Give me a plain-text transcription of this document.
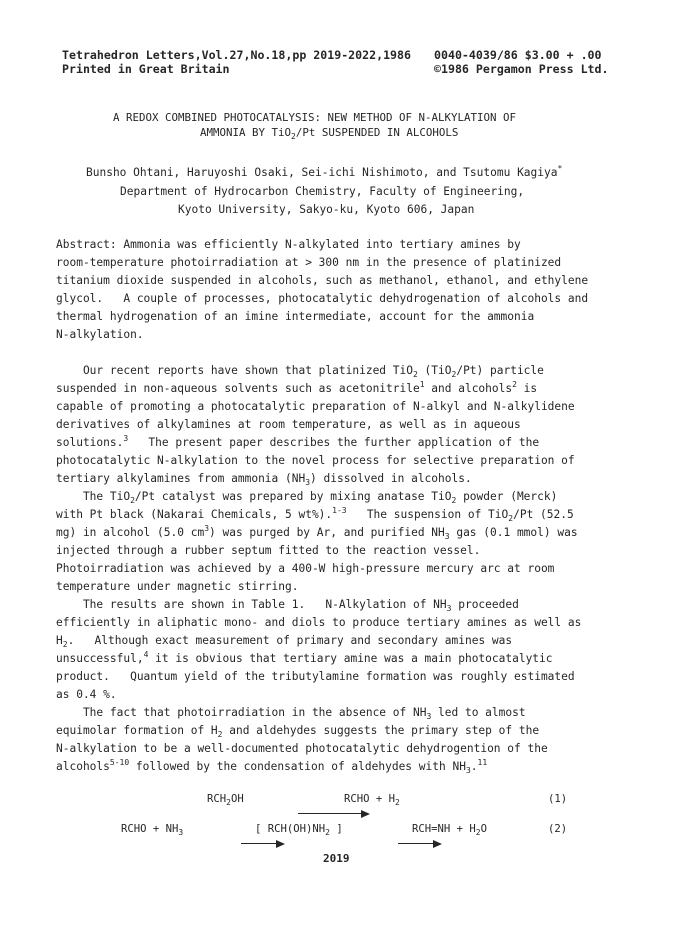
Tetrahedron Letters,Vol.27,No.18,pp 2019-2022,1986
Printed in Great Britain
0040-4039/86 $3.00 + .00
©1986 Pergamon Press Ltd.
A REDOX COMBINED PHOTOCATALYSIS: NEW METHOD OF N-ALKYLATION OF
AMMONIA BY TiO$_2$/Pt SUSPENDED IN ALCOHOLS
Bunsho Ohtani, Haruyoshi Osaki, Sei-ichi Nishimoto, and Tsutomu Kagiya*
Department of Hydrocarbon Chemistry, Faculty of Engineering,
Kyoto University, Sakyo-ku, Kyoto 606, Japan
Abstract: Ammonia was efficiently N-alkylated into tertiary amines by
room-temperature photoirradiation at > 300 nm in the presence of platinized
titanium dioxide suspended in alcohols, such as methanol, ethanol, and ethylene
glycol.   A couple of processes, photocatalytic dehydrogenation of alcohols and
thermal hydrogenation of an imine intermediate, account for the ammonia
N-alkylation.
Our recent reports have shown that platinized TiO$_2$ (TiO$_2$/Pt) particle
suspended in non-aqueous solvents such as acetonitrile$^1$ and alcohols$^2$ is
capable of promoting a photocatalytic preparation of N-alkyl and N-alkylidene
derivatives of alkylamines at room temperature, as well as in aqueous
solutions.$^3$   The present paper describes the further application of the
photocatalytic N-alkylation to the novel process for selective preparation of
tertiary alkylamines from ammonia $(NH_3)$ dissolved in alcohols.
The TiO$_2$/Pt catalyst was prepared by mixing anatase TiO$_2$ powder (Merck)
with Pt black (Nakarai Chemicals, 5 wt%).$^{1-3}$   The suspension of TiO$_2$/Pt (52.5
mg) in alcohol (5.0 $cm^3$) was purged by Ar, and purified $NH_3$ gas (0.1 mmol) was
injected through a rubber septum fitted to the reaction vessel.
Photoirradiation was achieved by a 400-W high-pressure mercury arc at room
temperature under magnetic stirring.
The results are shown in Table 1.   N-Alkylation of $NH_3$ proceeded
efficiently in aliphatic mono- and diols to produce tertiary amines as well as
$H_2$.   Although exact measurement of primary and secondary amines was
unsuccessful,$^4$ it is obvious that tertiary amine was a main photocatalytic
product.   Quantum yield of the tributylamine formation was roughly estimated
as 0.4 %.
The fact that photoirradiation in the absence of $NH_3$ led to almost
equimolar formation of $H_2$ and aldehydes suggests the primary step of the
N-alkylation to be a well-documented photocatalytic dehydrogention of the
alcohols$^{5-10}$ followed by the condensation of aldehydes with $NH_3.^{11}$
$RCH_2OH$

	RCHO + $H_2$	(1)
RCHO + $NH_3$

	[ $RCH(OH)NH_2$ ]

	$RCH=NH + H_2O$	(2)
2019
